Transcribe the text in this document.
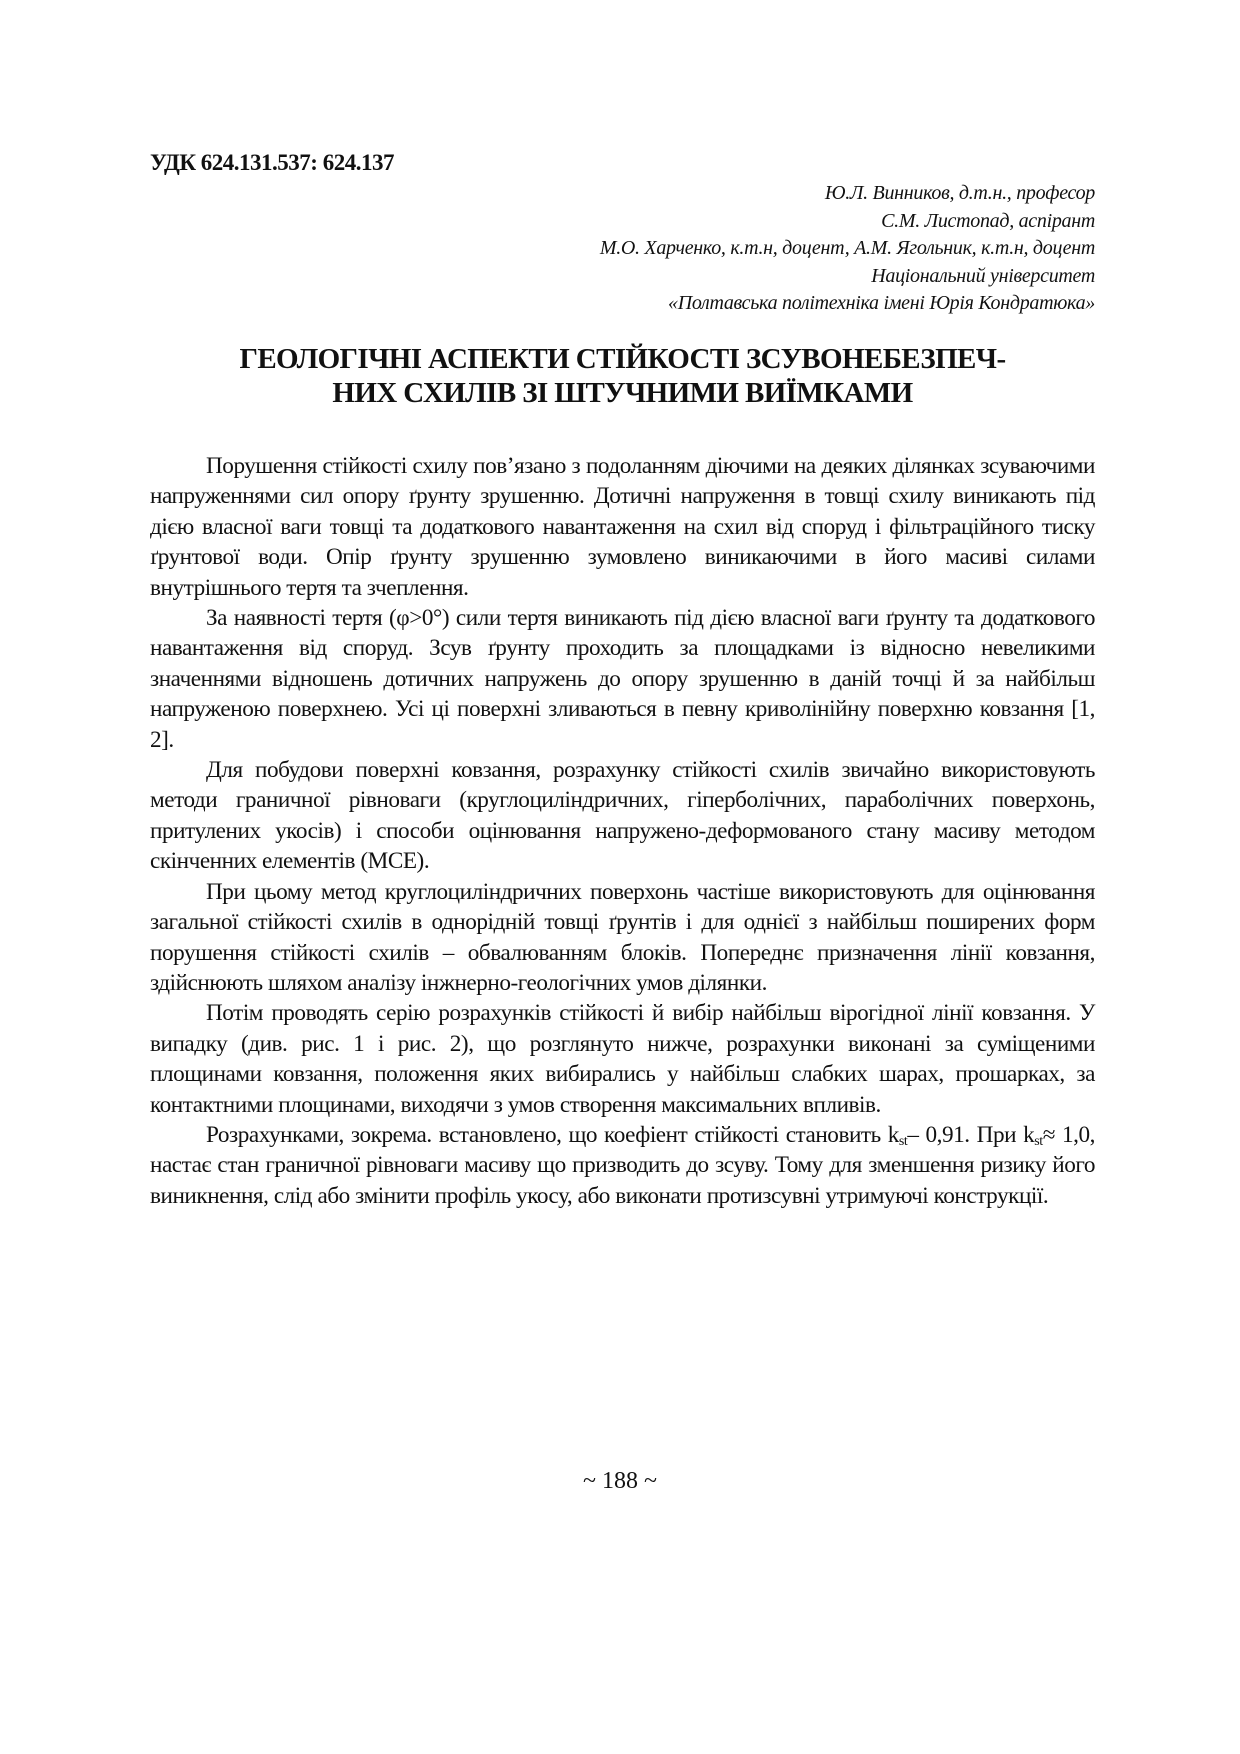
УДК 624.131.537: 624.137
Ю.Л. Винников, д.т.н., професор
С.М. Листопад, аспірант
М.О. Харченко, к.т.н, доцент, А.М. Ягольник, к.т.н, доцент
Національний університет
«Полтавська політехніка імені Юрія Кондратюка»
ГЕОЛОГІЧНІ АСПЕКТИ СТІЙКОСТІ ЗСУВОНЕБЕЗПЕЧ-
НИХ СХИЛІВ ЗІ ШТУЧНИМИ ВИЇМКАМИ

Порушення стійкості схилу пов’язано з подоланням діючими на деяких ділянках зсуваючими напруженнями сил опору ґрунту зрушенню. Дотичні напруження в товщі схилу виникають під дією власної ваги товщі та додаткового навантаження на схил від споруд і фільтраційного тиску ґрунтової води. Опір ґрунту зрушенню зумовлено виникаючими в його масиві силами внутрішнього тертя та зчеплення.

За наявності тертя (φ>0°) сили тертя виникають під дією власної ваги ґрунту та додаткового навантаження від споруд. Зсув ґрунту проходить за площадками із відносно невеликими значеннями відношень дотичних напружень до опору зрушенню в даній точці й за найбільш напруженою поверхнею. Усі ці поверхні зливаються в певну криволінійну поверхню ковзання [1, 2].

Для побудови поверхні ковзання, розрахунку стійкості схилів звичайно використовують методи граничної рівноваги (круглоциліндричних, гіперболічних, параболічних поверхонь, притулених укосів) і способи оцінювання напружено-деформованого стану масиву методом скінченних елементів (МСЕ).

При цьому метод круглоциліндричних поверхонь частіше використовують для оцінювання загальної стійкості схилів в однорідній товщі ґрунтів і для однієї з найбільш поширених форм порушення стійкості схилів – обвалюванням блоків. Попереднє призначення лінії ковзання, здійснюють шляхом аналізу інжнерно-геологічних умов ділянки.

Потім проводять серію розрахунків стійкості й вибір найбільш вірогідної лінії ковзання. У випадку (див. рис. 1 і рис. 2), що розглянуто нижче, розрахунки виконані за суміщеними площинами ковзання, положення яких вибирались у найбільш слабких шарах, прошарках, за контактними площинами, виходячи з умов створення максимальних впливів.

Розрахунками, зокрема. встановлено, що коефіент стійкості становить $k_{st}-$ 0,91. При $k_{st}\approx 1,0$, настає стан граничної рівноваги масиву що призводить до зсуву. Тому для зменшення ризику його виникнення, слід або змінити профіль укосу, або виконати протизсувні утримуючі конструкції.

~ 188 ~
